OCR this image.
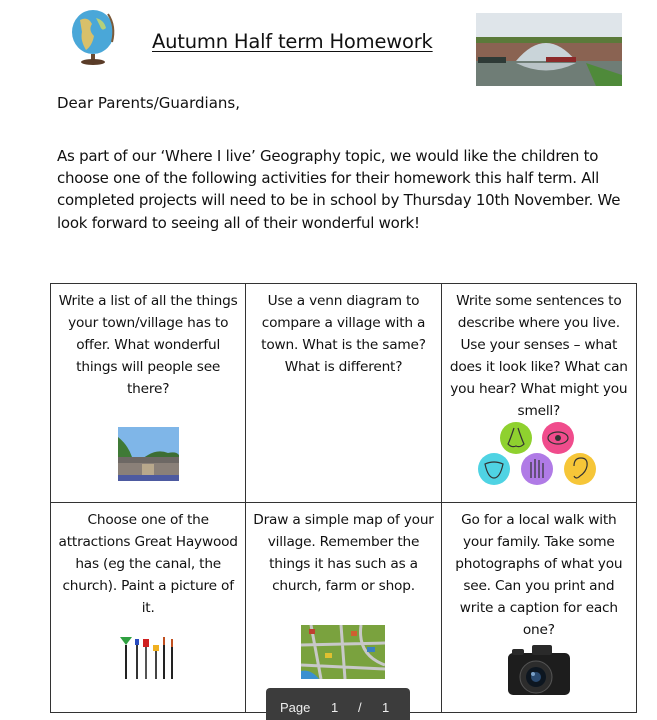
Autumn Half term Homework
Dear Parents/Guardians,
As part of our ‘Where I live’ Geography topic, we would like the children to choose one of the following activities for their homework this half term. All completed projects will need to be in school by Thursday 10th November. We look forward to seeing all of their wonderful work!
Write a list of all the things your town/village has to offer. What wonderful things will people see there?	Use a venn diagram to compare a village with a town. What is the same? What is different?	Write some sentences to describe where you live. Use your senses – what does it look like? What can you hear? What might you smell?

Choose one of the attractions Great Haywood has (eg the canal, the church). Paint a picture of it.	Draw a simple map of your village. Remember the things it has such as a church, farm or shop.	Go for a local walk with your family. Take some photographs of what you see. Can you print and write a caption for each one?
Page 1 / 1
